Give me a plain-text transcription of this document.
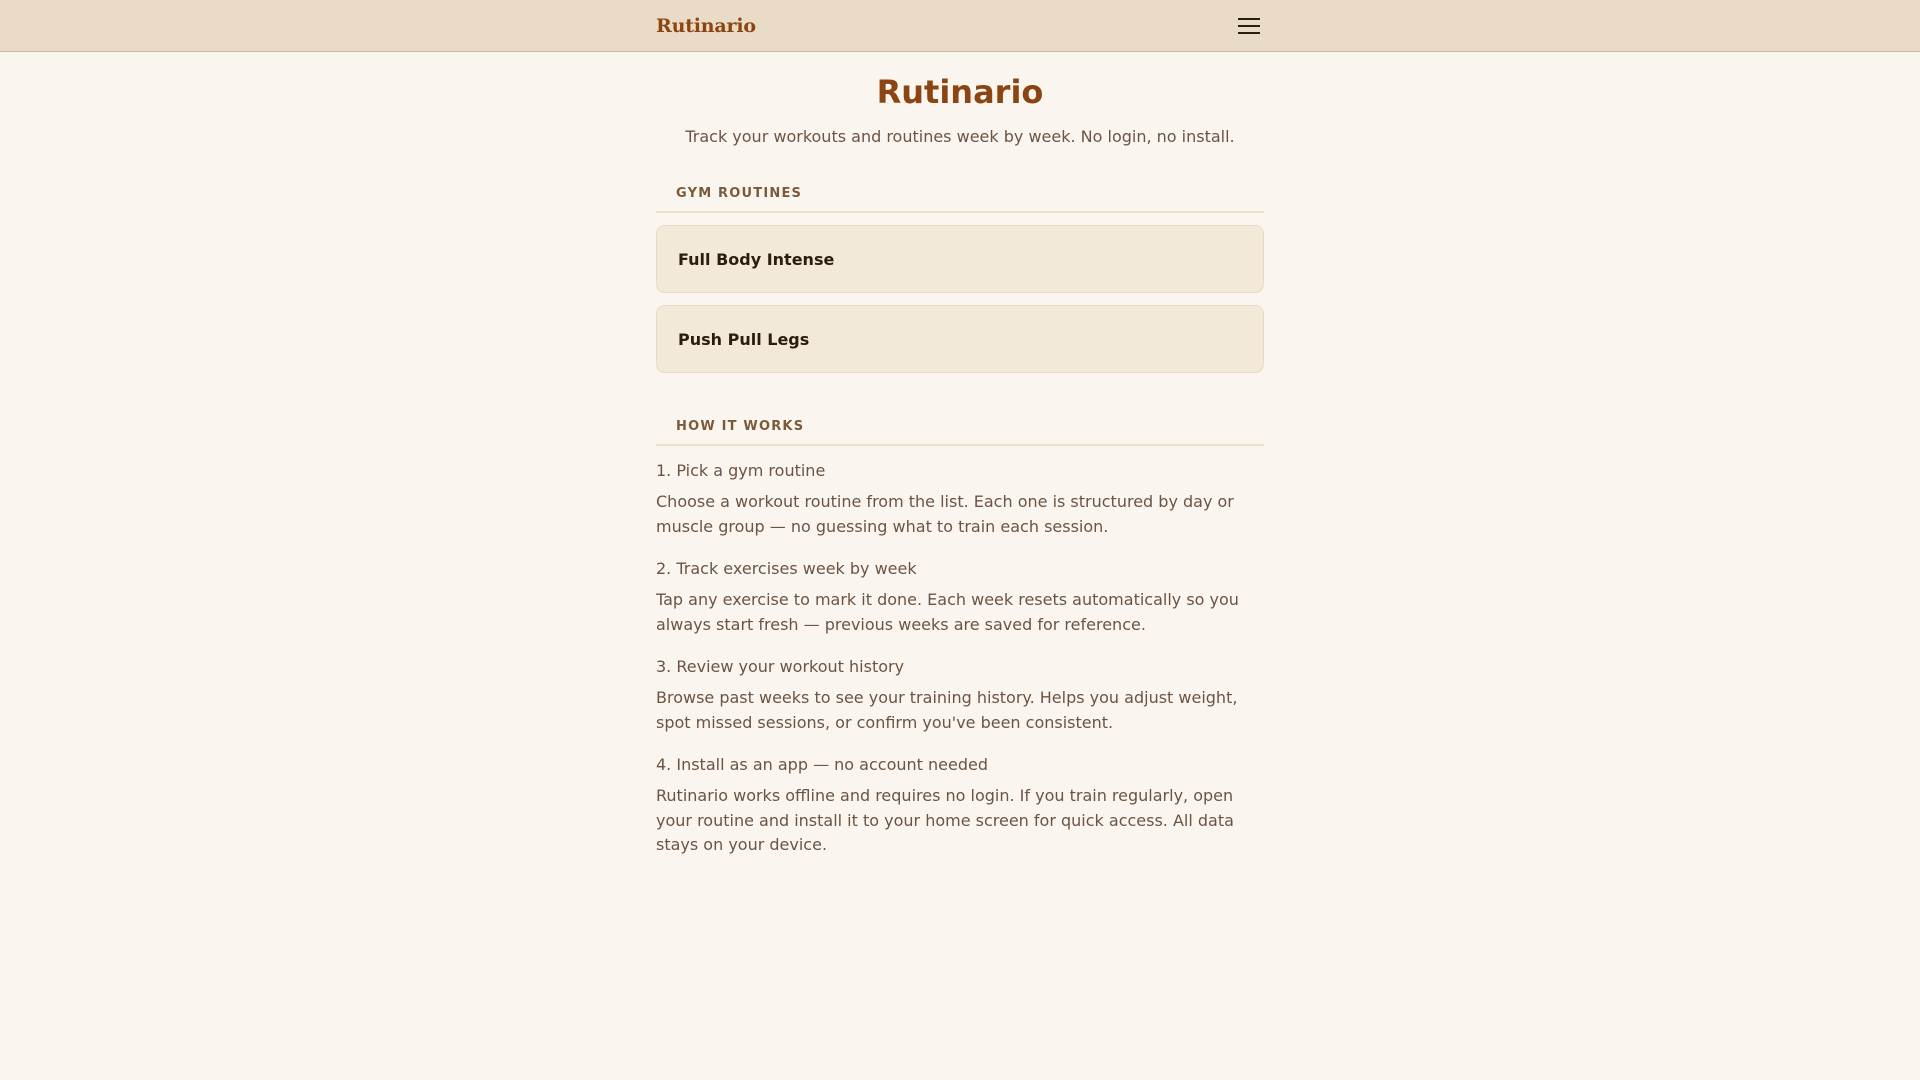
Rutinario
Rutinario

Track your workouts and routines week by week. No login, no install.

GYM ROUTINES
Full Body Intense
Push Pull Legs
HOW IT WORKS
1. Pick a gym routine
Choose a workout routine from the list. Each one is structured by day or muscle group — no guessing what to train each session.
2. Track exercises week by week
Tap any exercise to mark it done. Each week resets automatically so you always start fresh — previous weeks are saved for reference.
3. Review your workout history
Browse past weeks to see your training history. Helps you adjust weight, spot missed sessions, or confirm you've been consistent.
4. Install as an app — no account needed
Rutinario works offline and requires no login. If you train regularly, open your routine and install it to your home screen for quick access. All data stays on your device.
